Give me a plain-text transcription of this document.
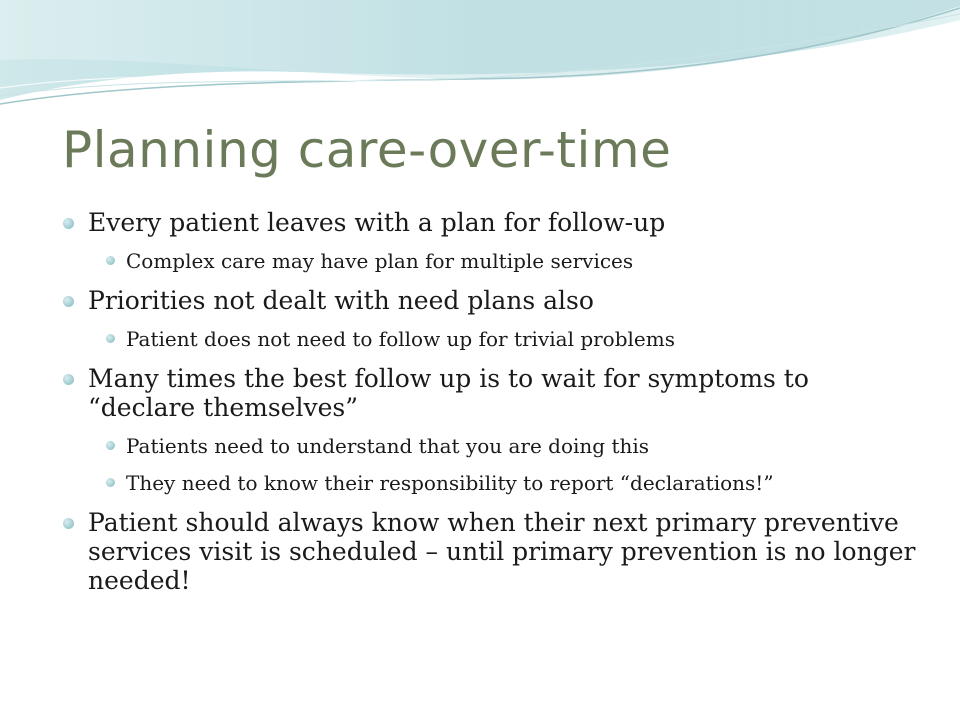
Planning care-over-time
Every patient leaves with a plan for follow-up
Complex care may have plan for multiple services
Priorities not dealt with need plans also
Patient does not need to follow up for trivial problems
Many times the best follow up is to wait for symptoms to “declare themselves”
Patients need to understand that you are doing this
They need to know their responsibility to report “declarations!”
Patient should always know when their next primary preventive services visit is scheduled – until primary prevention is no longer needed!
